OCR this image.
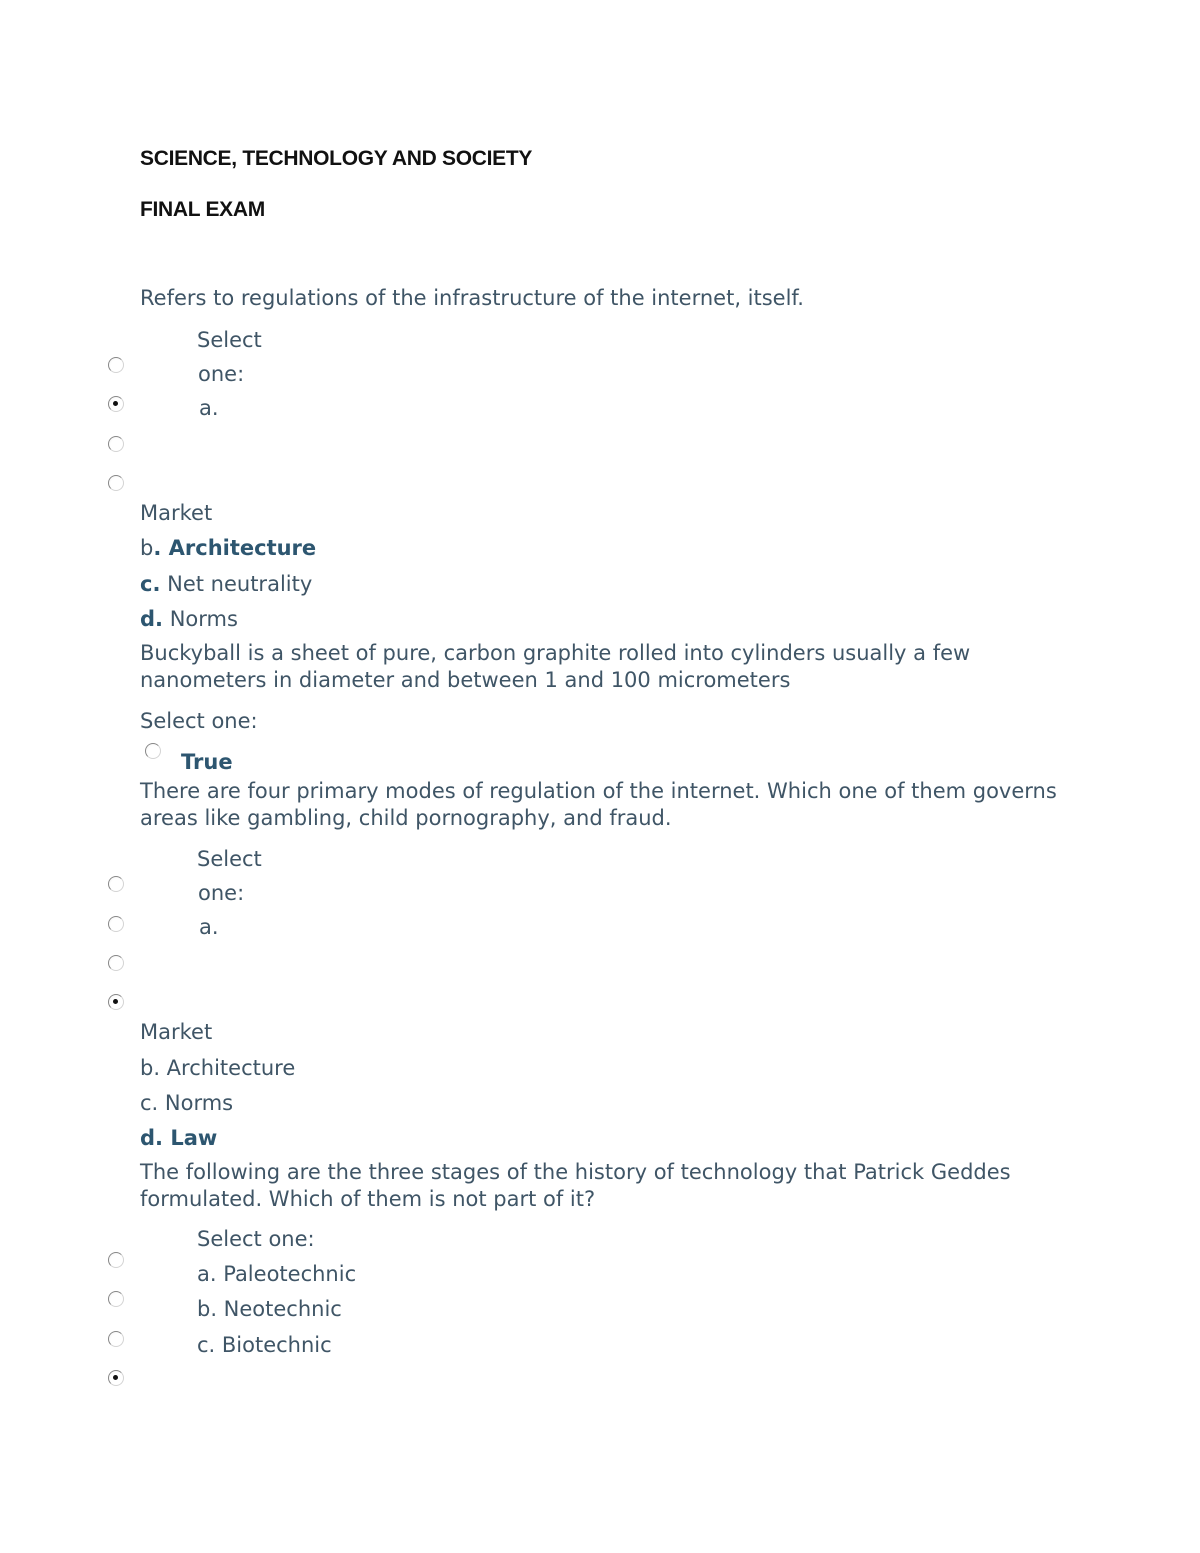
SCIENCE, TECHNOLOGY AND SOCIETY
FINAL EXAM
Refers to regulations of the infrastructure of the internet, itself.
Select
one:
a.
Market
b. Architecture
c. Net neutrality
d. Norms
Buckyball is a sheet of pure, carbon graphite rolled into cylinders usually a few nanometers in diameter and between 1 and 100 micrometers
Select one:
True
There are four primary modes of regulation of the internet. Which one of them governs areas like gambling, child pornography, and fraud.
Select
one:
a.
Market
b. Architecture
c. Norms
d. Law
The following are the three stages of the history of technology that Patrick Geddes formulated. Which of them is not part of it?
Select one:
a. Paleotechnic
b. Neotechnic
c. Biotechnic
